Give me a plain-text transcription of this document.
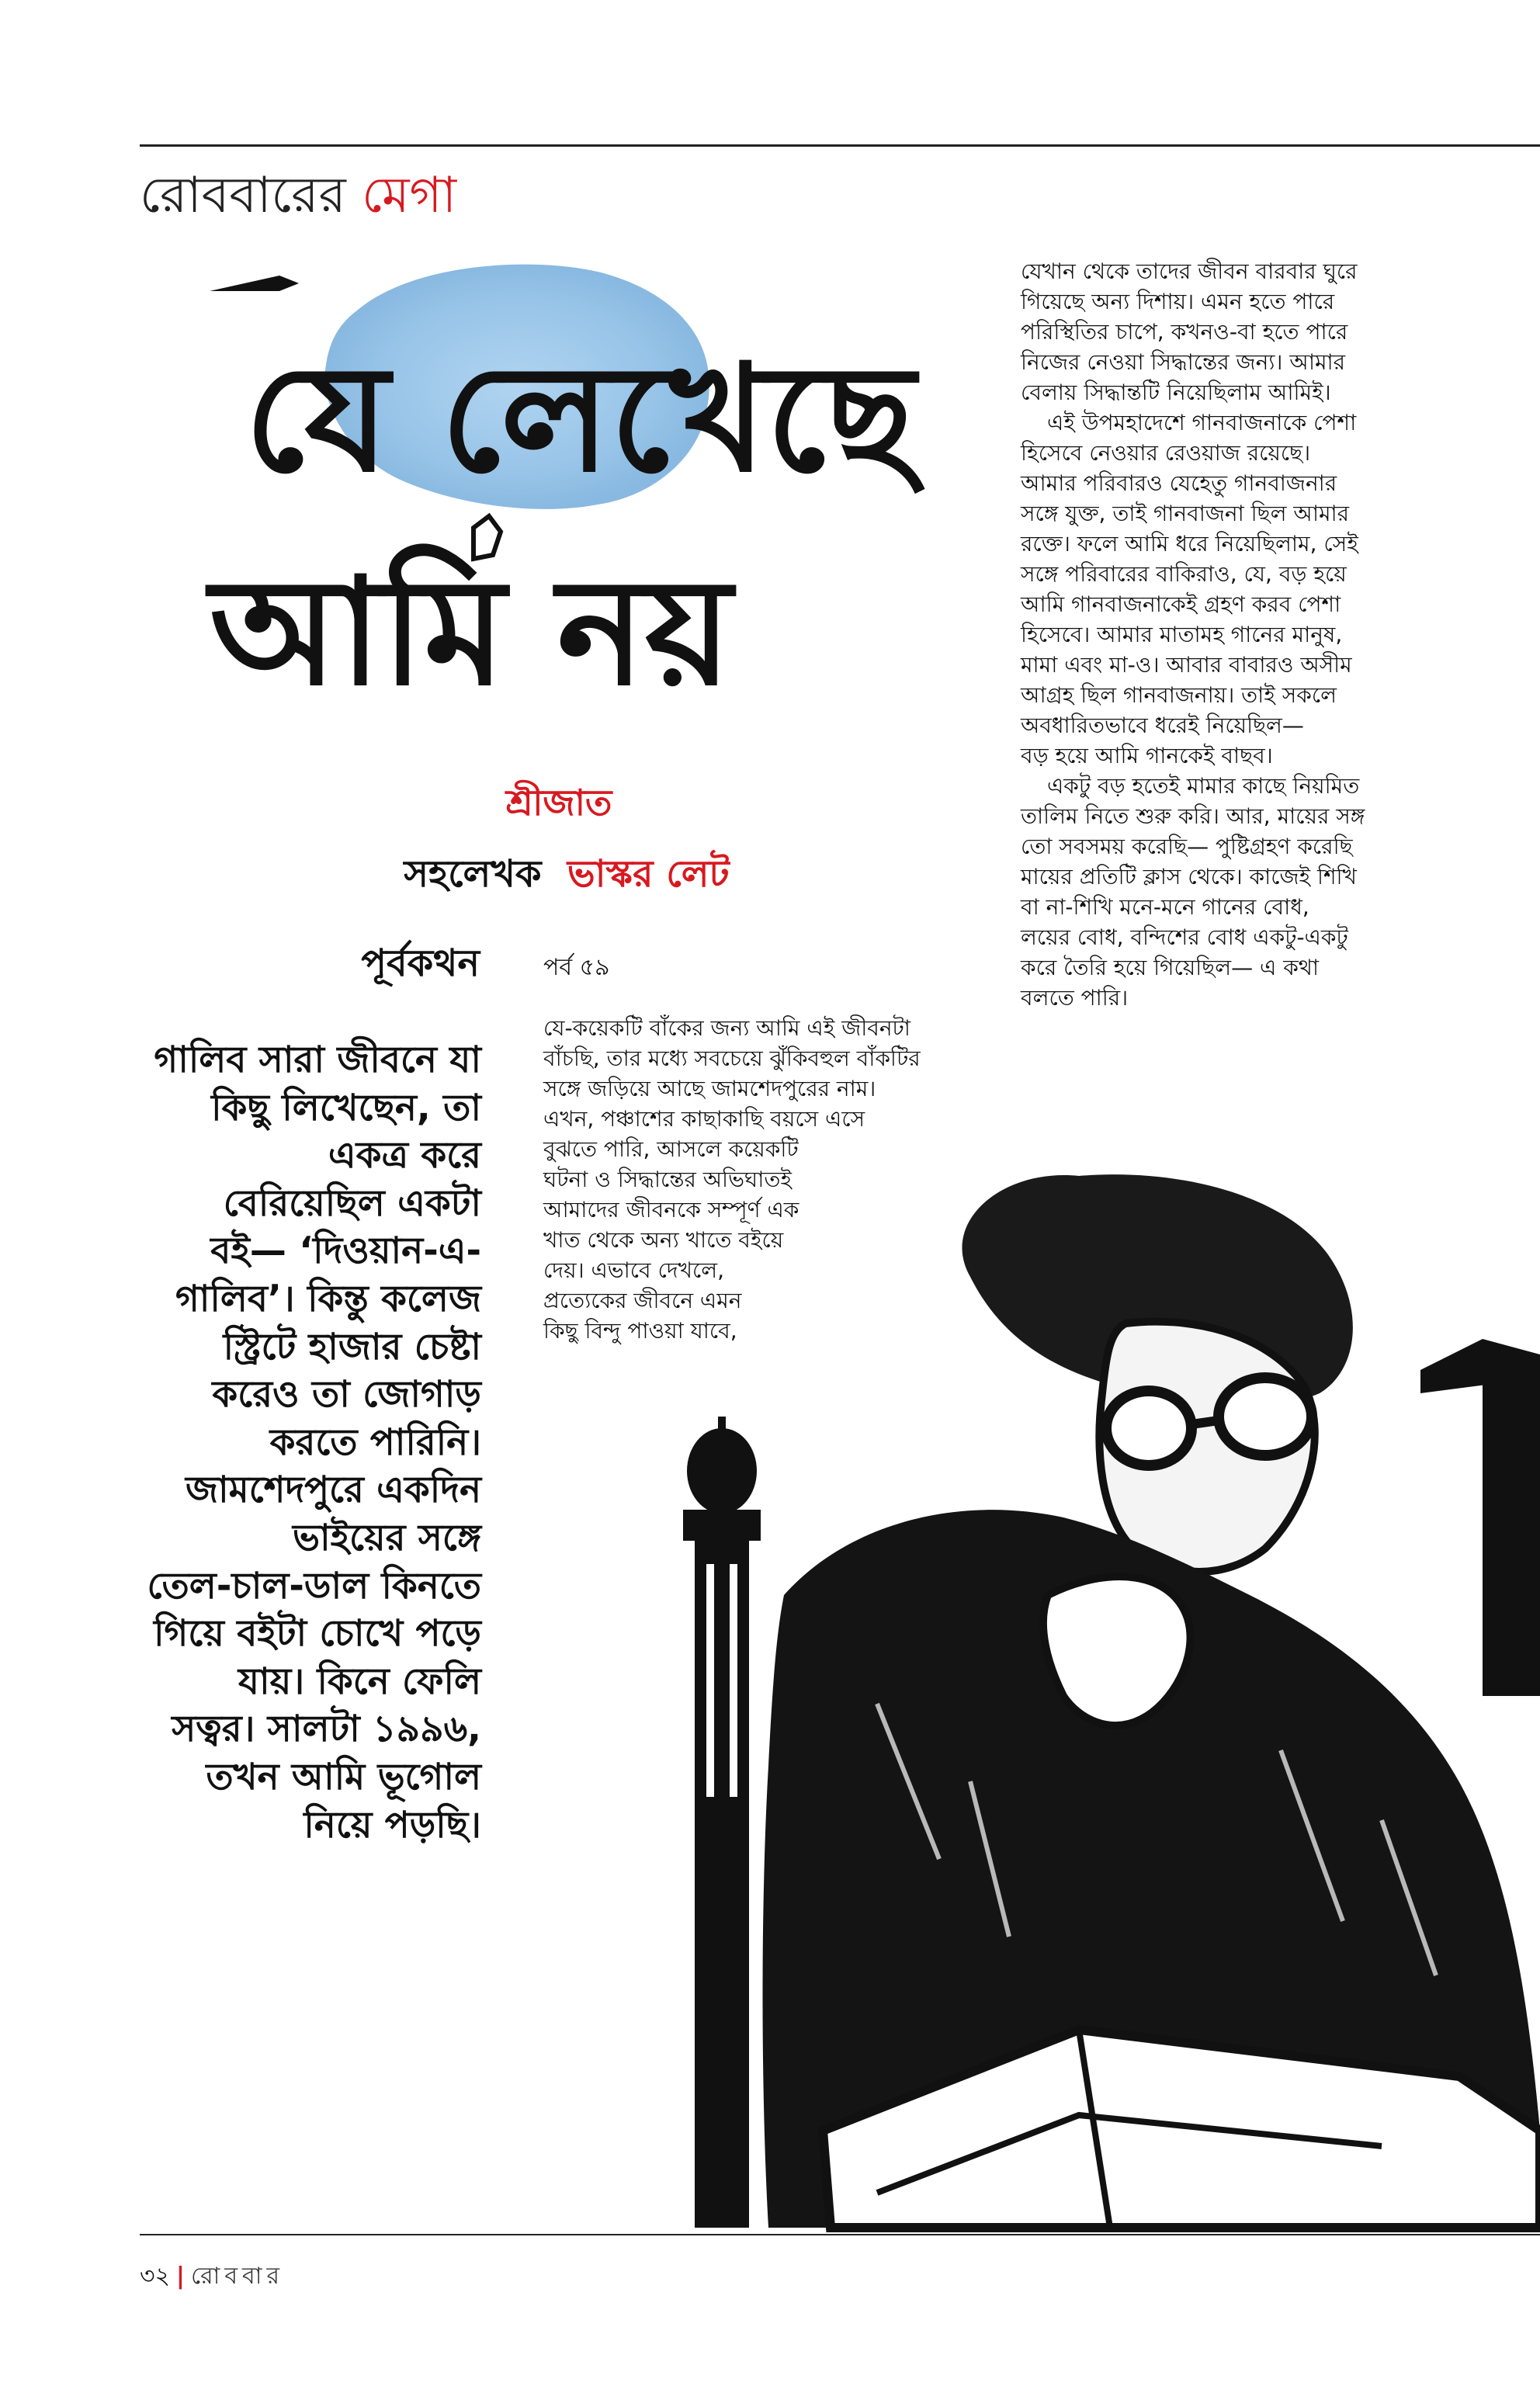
রোববারের মেগা
যে লেখেছে
আমি নয়
শ্রীজাত
সহলেখক ভাস্কর লেট
পূর্বকথন	পর্ব ৫৯
গালিব সারা জীবনে যা
কিছু লিখেছেন, তা
একত্র করে
বেরিয়েছিল একটা
বই— ‘দিওয়ান-এ-
গালিব’। কিন্তু কলেজ
স্ট্রিটে হাজার চেষ্টা
করেও তা জোগাড়
করতে পারিনি।
জামশেদপুরে একদিন
ভাইয়ের সঙ্গে
তেল-চাল-ডাল কিনতে
গিয়ে বইটা চোখে পড়ে
যায়। কিনে ফেলি
সত্বর। সালটা ১৯৯৬,
তখন আমি ভূগোল
নিয়ে পড়ছি।
যে-কয়েকটি বাঁকের জন্য আমি এই জীবনটা
বাঁচছি, তার মধ্যে সবচেয়ে ঝুঁকিবহুল বাঁকটির
সঙ্গে জড়িয়ে আছে জামশেদপুরের নাম।
এখন, পঞ্চাশের কাছাকাছি বয়সে এসে
বুঝতে পারি, আসলে কয়েকটি
ঘটনা ও সিদ্ধান্তের অভিঘাতই
আমাদের জীবনকে সম্পূর্ণ এক
খাত থেকে অন্য খাতে বইয়ে
দেয়। এভাবে দেখলে,
প্রত্যেকের জীবনে এমন
কিছু বিন্দু পাওয়া যাবে,
যেখান থেকে তাদের জীবন বারবার ঘুরে
গিয়েছে অন্য দিশায়। এমন হতে পারে
পরিস্থিতির চাপে, কখনও-বা হতে পারে
নিজের নেওয়া সিদ্ধান্তের জন্য। আমার
বেলায় সিদ্ধান্তটি নিয়েছিলাম আমিই।
এই উপমহাদেশে গানবাজনাকে পেশা
হিসেবে নেওয়ার রেওয়াজ রয়েছে।
আমার পরিবারও যেহেতু গানবাজনার
সঙ্গে যুক্ত, তাই গানবাজনা ছিল আমার
রক্তে। ফলে আমি ধরে নিয়েছিলাম, সেই
সঙ্গে পরিবারের বাকিরাও, যে, বড় হয়ে
আমি গানবাজনাকেই গ্রহণ করব পেশা
হিসেবে। আমার মাতামহ গানের মানুষ,
মামা এবং মা-ও। আবার বাবারও অসীম
আগ্রহ ছিল গানবাজনায়। তাই সকলে
অবধারিতভাবে ধরেই নিয়েছিল—
বড় হয়ে আমি গানকেই বাছব।
একটু বড় হতেই মামার কাছে নিয়মিত
তালিম নিতে শুরু করি। আর, মায়ের সঙ্গ
তো সবসময় করেছি— পুষ্টিগ্রহণ করেছি
মায়ের প্রতিটি ক্লাস থেকে। কাজেই শিখি
বা না-শিখি মনে-মনে গানের বোধ,
লয়ের বোধ, বন্দিশের বোধ একটু-একটু
করে তৈরি হয়ে গিয়েছিল— এ কথা
বলতে পারি।
৩২ | রোববার
